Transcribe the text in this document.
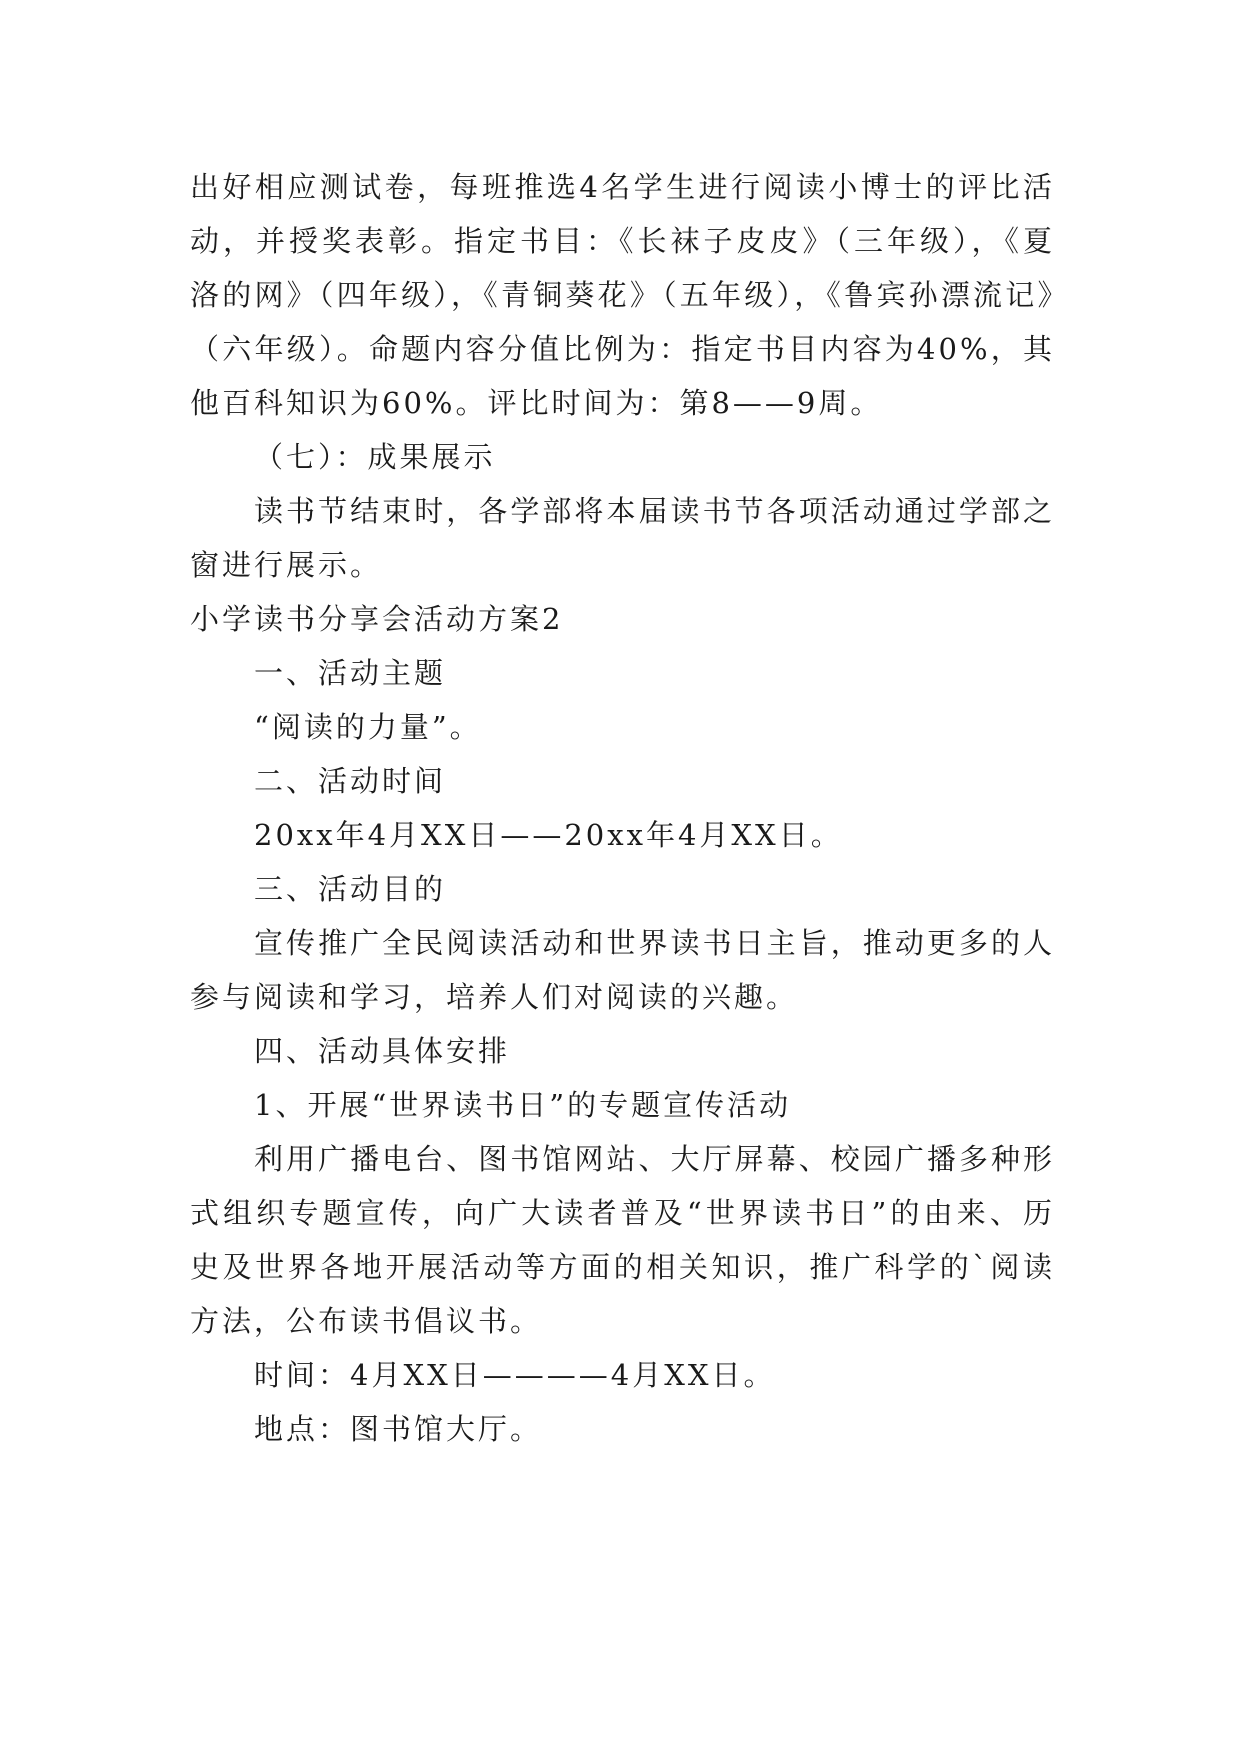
出好相应测试卷，每班推选4名学生进行阅读小博士的评比活动，并授奖表彰。指定书目：《长袜子皮皮》（三年级），《夏洛的网》（四年级），《青铜葵花》（五年级），《鲁宾孙漂流记》（六年级）。命题内容分值比例为：指定书目内容为40%，其他百科知识为60%。评比时间为：第8——9周。

（七）：成果展示

读书节结束时，各学部将本届读书节各项活动通过学部之窗进行展示。

小学读书分享会活动方案2

一、活动主题

“阅读的力量”。

二、活动时间

20xx年4月XX日——20xx年4月XX日。

三、活动目的

宣传推广全民阅读活动和世界读书日主旨，推动更多的人参与阅读和学习，培养人们对阅读的兴趣。

四、活动具体安排

1、开展“世界读书日”的专题宣传活动

利用广播电台、图书馆网站、大厅屏幕、校园广播多种形式组织专题宣传，向广大读者普及“世界读书日”的由来、历史及世界各地开展活动等方面的相关知识，推广科学的`阅读方法，公布读书倡议书。

时间：4月XX日————4月XX日。

地点：图书馆大厅。
